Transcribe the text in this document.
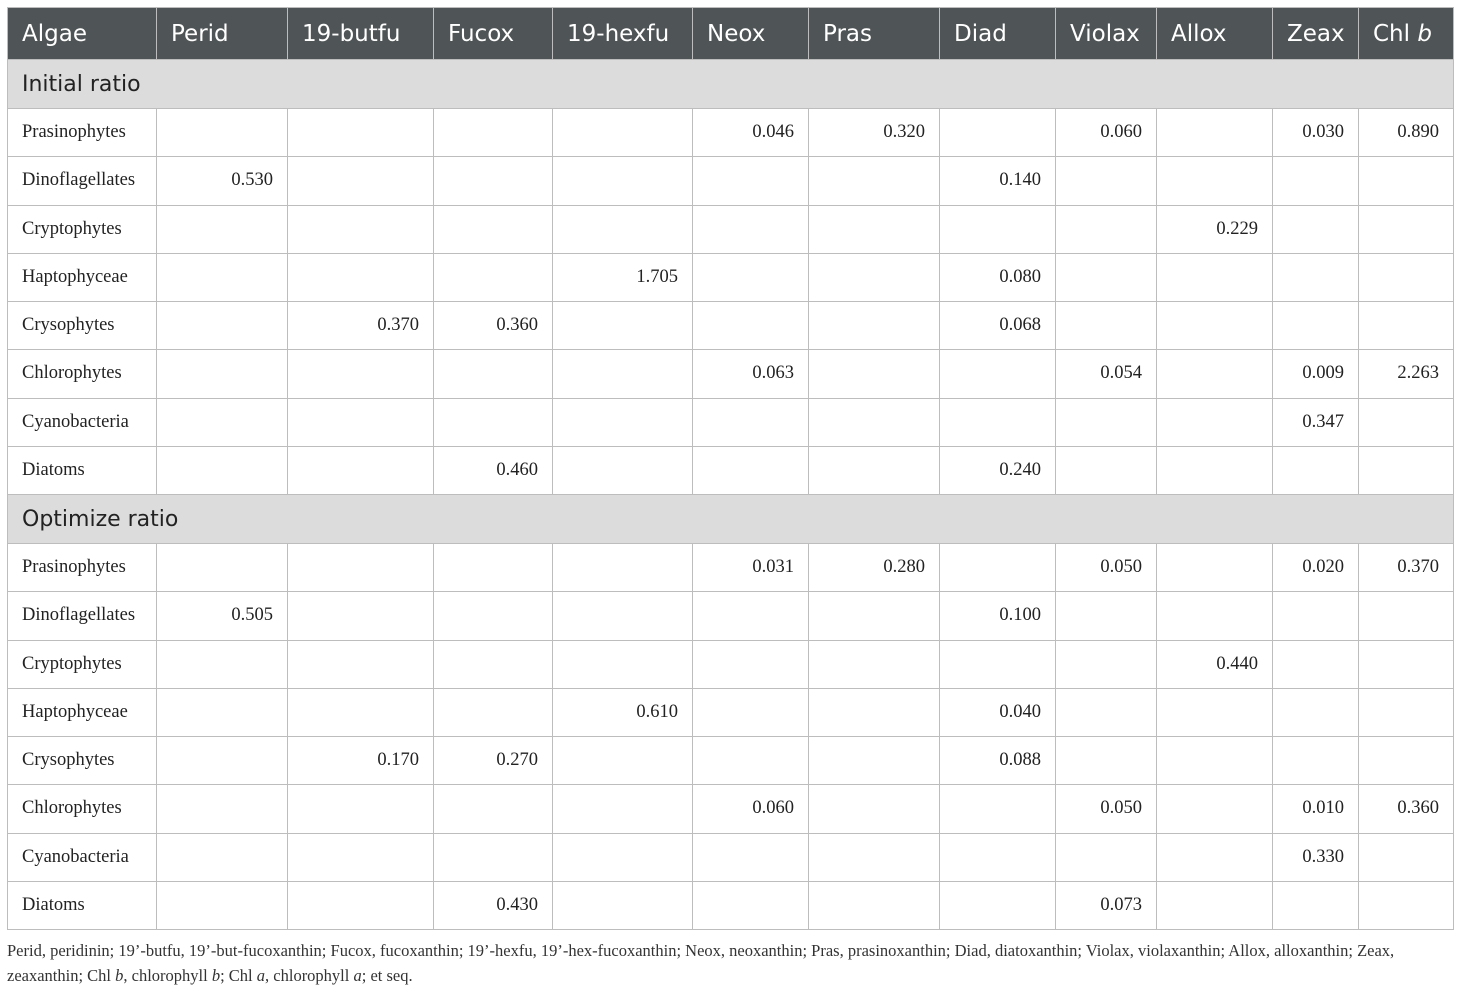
Algae	Perid	19-butfu	Fucox	19-hexfu	Neox	Pras	Diad	Violax	Allox	Zeax	Chl b
Initial ratio											
Prasinophytes					0.046	0.320		0.060		0.030	0.890
Dinoflagellates	0.530						0.140				
Cryptophytes									0.229		
Haptophyceae				1.705			0.080				
Crysophytes		0.370	0.360				0.068				
Chlorophytes					0.063			0.054		0.009	2.263
Cyanobacteria										0.347	
Diatoms			0.460				0.240				
Optimize ratio											
Prasinophytes					0.031	0.280		0.050		0.020	0.370
Dinoflagellates	0.505						0.100				
Cryptophytes									0.440		
Haptophyceae				0.610			0.040				
Crysophytes		0.170	0.270				0.088				
Chlorophytes					0.060			0.050		0.010	0.360
Cyanobacteria										0.330	
Diatoms			0.430					0.073			
Perid, peridinin; 19’-butfu, 19’-but-fucoxanthin; Fucox, fucoxanthin; 19’-hexfu, 19’-hex-fucoxanthin; Neox, neoxanthin; Pras, prasinoxanthin; Diad, diatoxanthin; Violax, violaxanthin; Allox, alloxanthin; Zeax, zeaxanthin; Chl b, chlorophyll b; Chl a, chlorophyll a; et seq.
